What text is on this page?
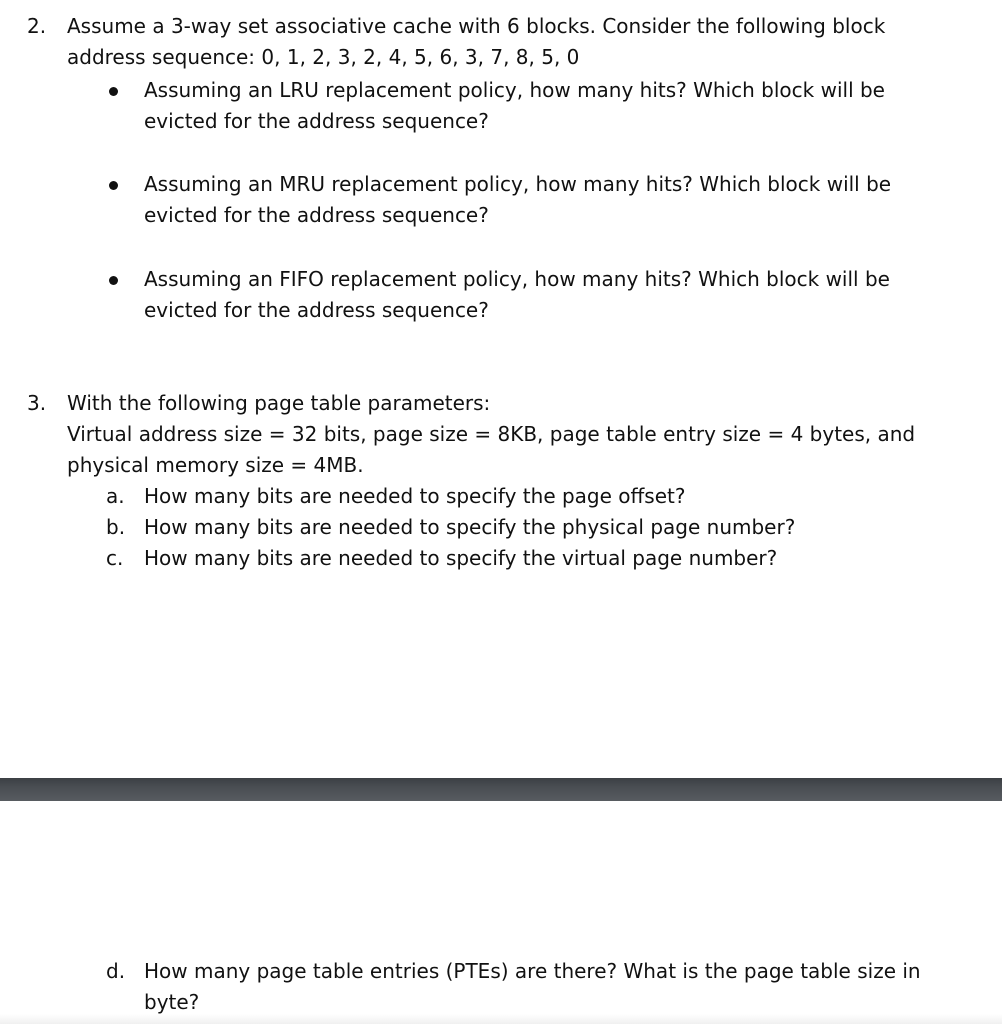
2. Assume a 3-way set associative cache with 6 blocks. Consider the following block
address sequence: 0, 1, 2, 3, 2, 4, 5, 6, 3, 7, 8, 5, 0
Assuming an LRU replacement policy, how many hits? Which block will be
evicted for the address sequence?
Assuming an MRU replacement policy, how many hits? Which block will be
evicted for the address sequence?
Assuming an FIFO replacement policy, how many hits? Which block will be
evicted for the address sequence?
3. With the following page table parameters:
Virtual address size = 32 bits, page size = 8KB, page table entry size = 4 bytes, and
physical memory size = 4MB.
a. How many bits are needed to specify the page offset?
b. How many bits are needed to specify the physical page number?
c. How many bits are needed to specify the virtual page number?
d. How many page table entries (PTEs) are there? What is the page table size in
byte?
